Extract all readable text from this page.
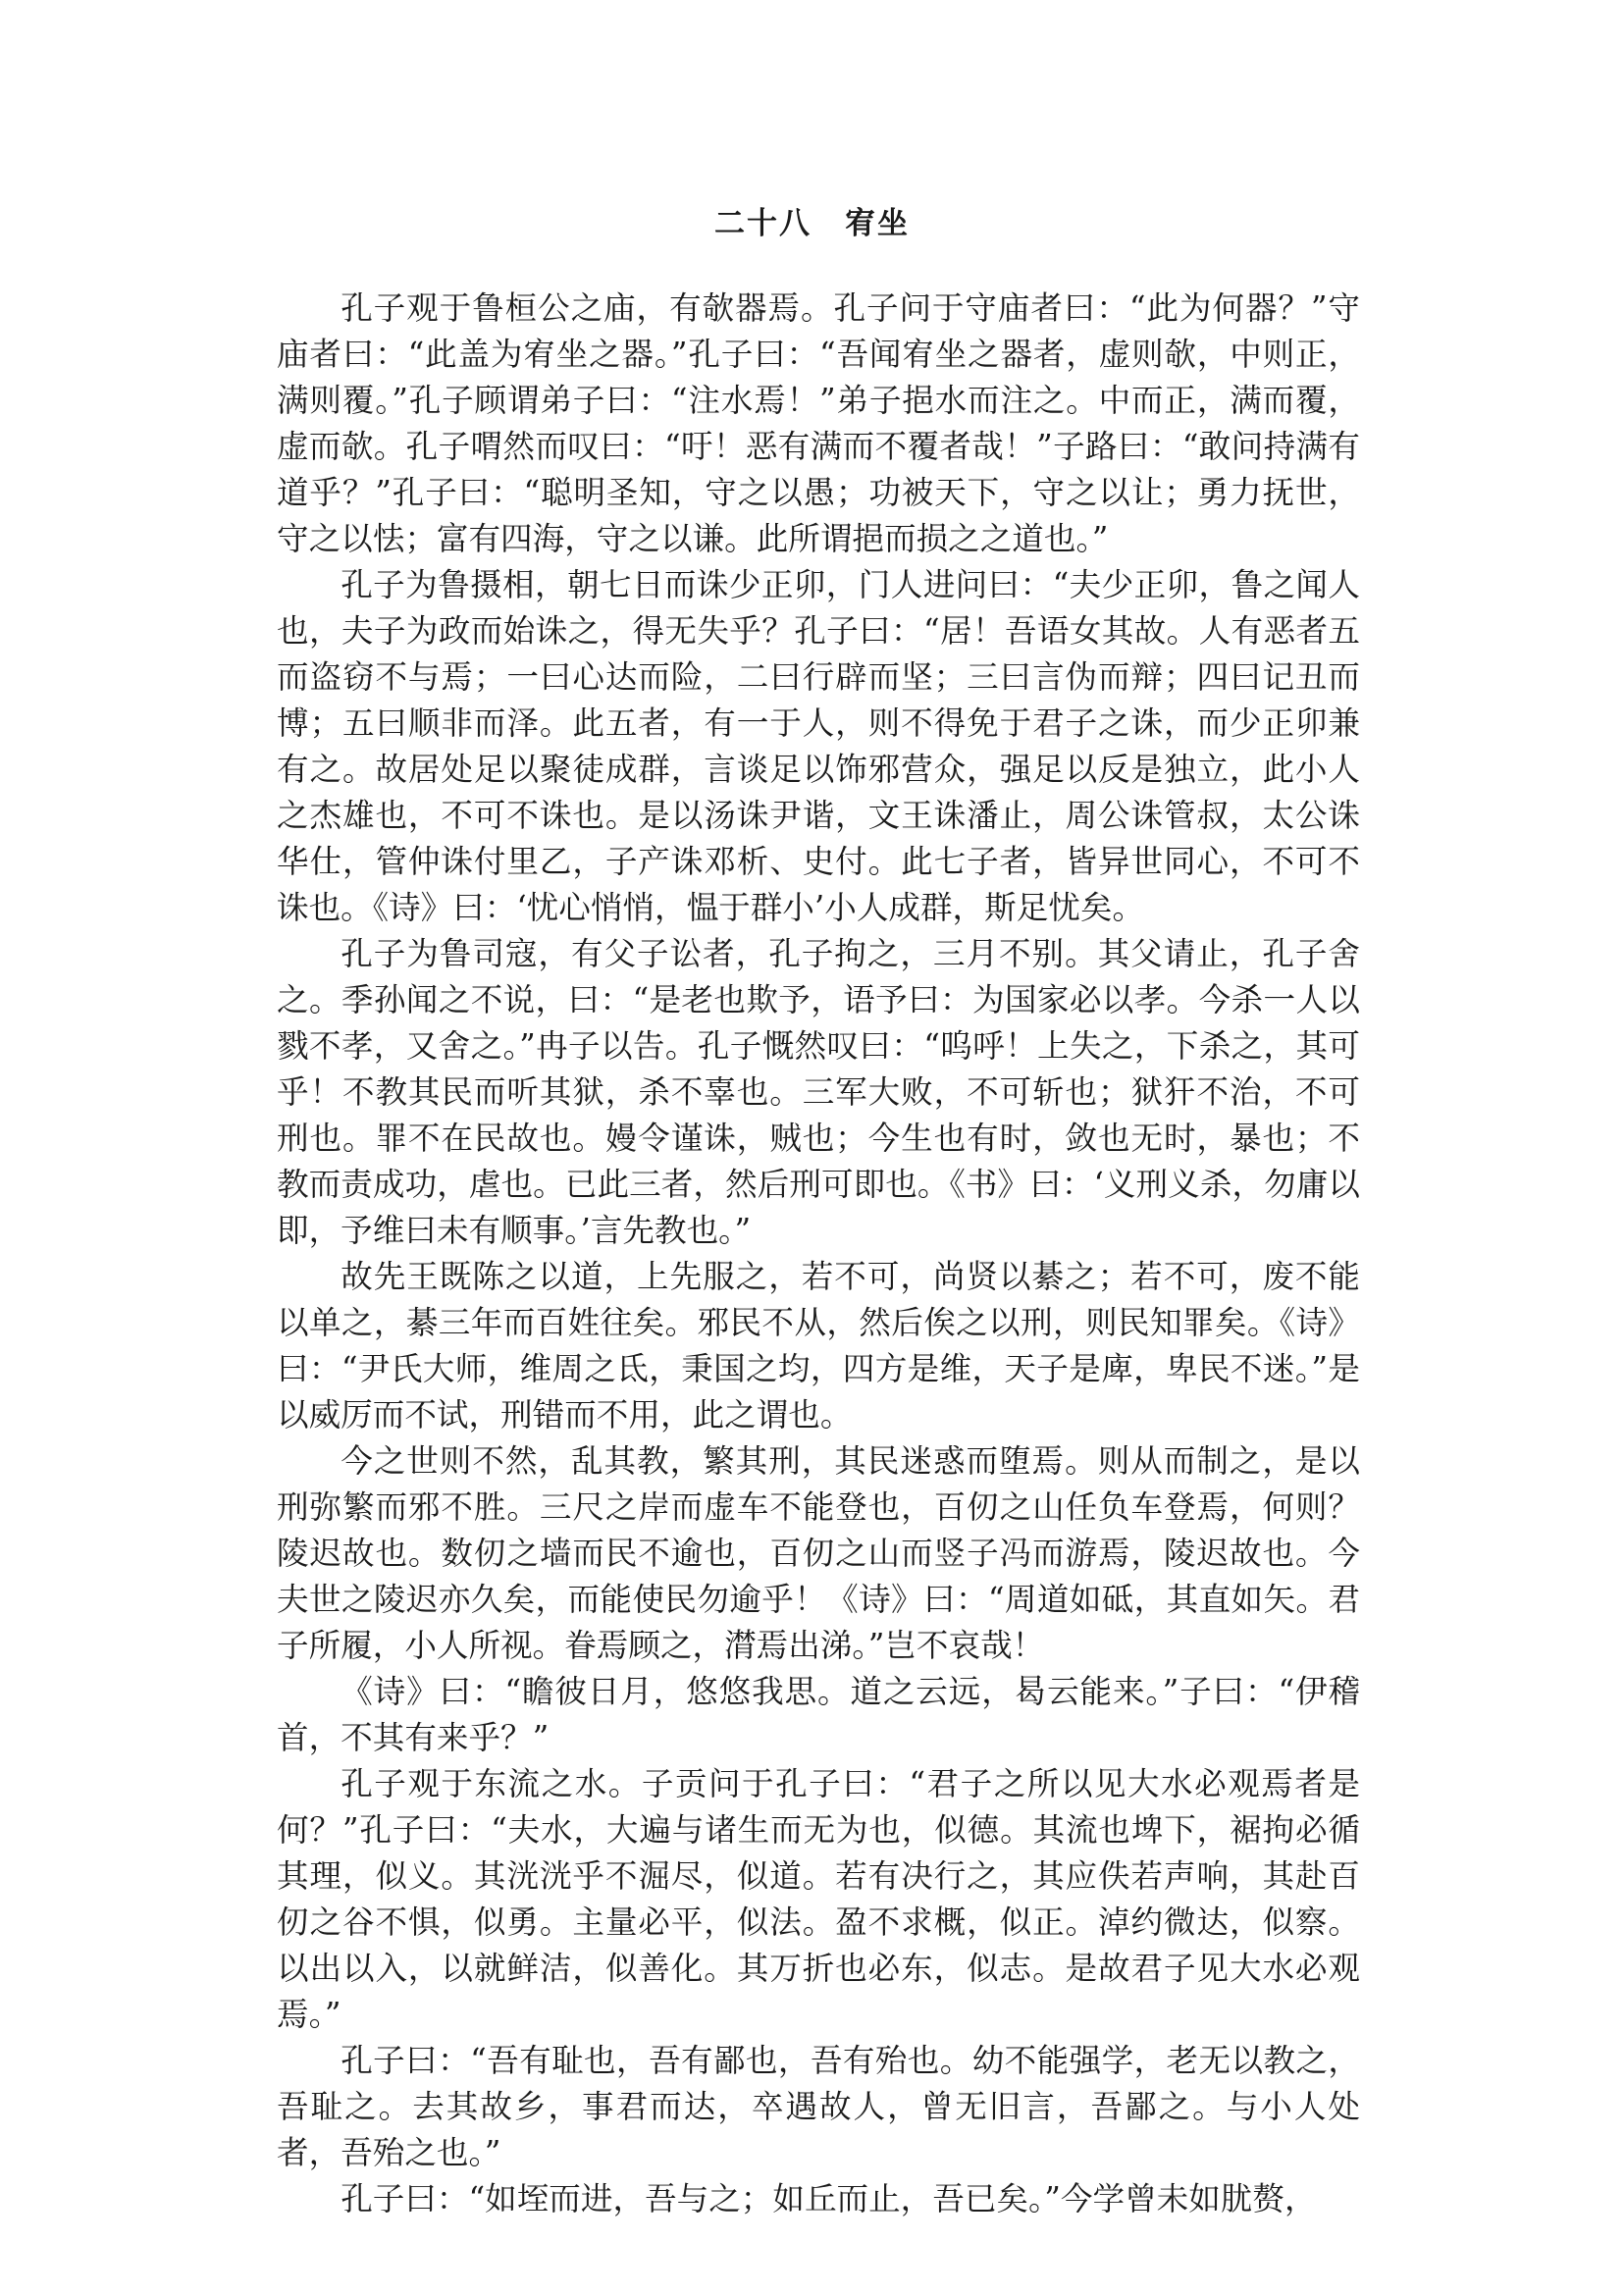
二十八 宥坐

孔子观于鲁桓公之庙，有欹器焉。孔子问于守庙者曰：“此为何器？”守庙者曰：“此盖为宥坐之器。”孔子曰：“吾闻宥坐之器者，虚则欹，中则正，满则覆。”孔子顾谓弟子曰：“注水焉！”弟子挹水而注之。中而正，满而覆，虚而欹。孔子喟然而叹曰：“吁！恶有满而不覆者哉！”子路曰：“敢问持满有道乎？”孔子曰：“聪明圣知，守之以愚；功被天下，守之以让；勇力抚世，守之以怯；富有四海，守之以谦。此所谓挹而损之之道也。”

孔子为鲁摄相，朝七日而诛少正卯，门人进问曰：“夫少正卯，鲁之闻人也，夫子为政而始诛之，得无失乎？孔子曰：“居！吾语女其故。人有恶者五而盗窃不与焉；一曰心达而险，二曰行辟而坚；三曰言伪而辩；四曰记丑而博；五曰顺非而泽。此五者，有一于人，则不得免于君子之诛，而少正卯兼有之。故居处足以聚徒成群，言谈足以饰邪营众，强足以反是独立，此小人之杰雄也，不可不诛也。是以汤诛尹谐，文王诛潘止，周公诛管叔，太公诛华仕，管仲诛付里乙，子产诛邓析、史付。此七子者，皆异世同心，不可不诛也。《诗》曰：‘忧心悄悄，愠于群小’小人成群，斯足忧矣。

孔子为鲁司寇，有父子讼者，孔子拘之，三月不别。其父请止，孔子舍之。季孙闻之不说，曰：“是老也欺予，语予曰：为国家必以孝。今杀一人以戮不孝，又舍之。”冉子以告。孔子慨然叹曰：“呜呼！上失之，下杀之，其可乎！不教其民而听其狱，杀不辜也。三军大败，不可斩也；狱犴不治，不可刑也。罪不在民故也。嫚令谨诛，贼也；今生也有时，敛也无时，暴也；不教而责成功，虐也。已此三者，然后刑可即也。《书》曰：‘义刑义杀，勿庸以即，予维曰未有顺事。’言先教也。”

故先王既陈之以道，上先服之，若不可，尚贤以綦之；若不可，废不能以单之，綦三年而百姓往矣。邪民不从，然后俟之以刑，则民知罪矣。《诗》曰：“尹氏大师，维周之氐，秉国之均，四方是维，天子是庳，卑民不迷。”是以威厉而不试，刑错而不用，此之谓也。

今之世则不然，乱其教，繁其刑，其民迷惑而堕焉。则从而制之，是以刑弥繁而邪不胜。三尺之岸而虚车不能登也，百仞之山任负车登焉，何则？陵迟故也。数仞之墙而民不逾也，百仞之山而竖子冯而游焉，陵迟故也。今夫世之陵迟亦久矣，而能使民勿逾乎！《诗》曰：“周道如砥，其直如矢。君子所履，小人所视。眷焉顾之，潸焉出涕。”岂不哀哉！

《诗》曰：“瞻彼日月，悠悠我思。道之云远，曷云能来。”子曰：“伊稽首，不其有来乎？”

孔子观于东流之水。子贡问于孔子曰：“君子之所以见大水必观焉者是何？”孔子曰：“夫水，大遍与诸生而无为也，似德。其流也埤下，裾拘必循其理，似义。其洸洸乎不淈尽，似道。若有决行之，其应佚若声响，其赴百仞之谷不惧，似勇。主量必平，似法。盈不求概，似正。淖约微达，似察。以出以入，以就鲜洁，似善化。其万折也必东，似志。是故君子见大水必观焉。”

孔子曰：“吾有耻也，吾有鄙也，吾有殆也。幼不能强学，老无以教之，吾耻之。去其故乡，事君而达，卒遇故人，曾无旧言，吾鄙之。与小人处者，吾殆之也。”

孔子曰：“如垤而进，吾与之；如丘而止，吾已矣。”今学曾未如肬赘，
